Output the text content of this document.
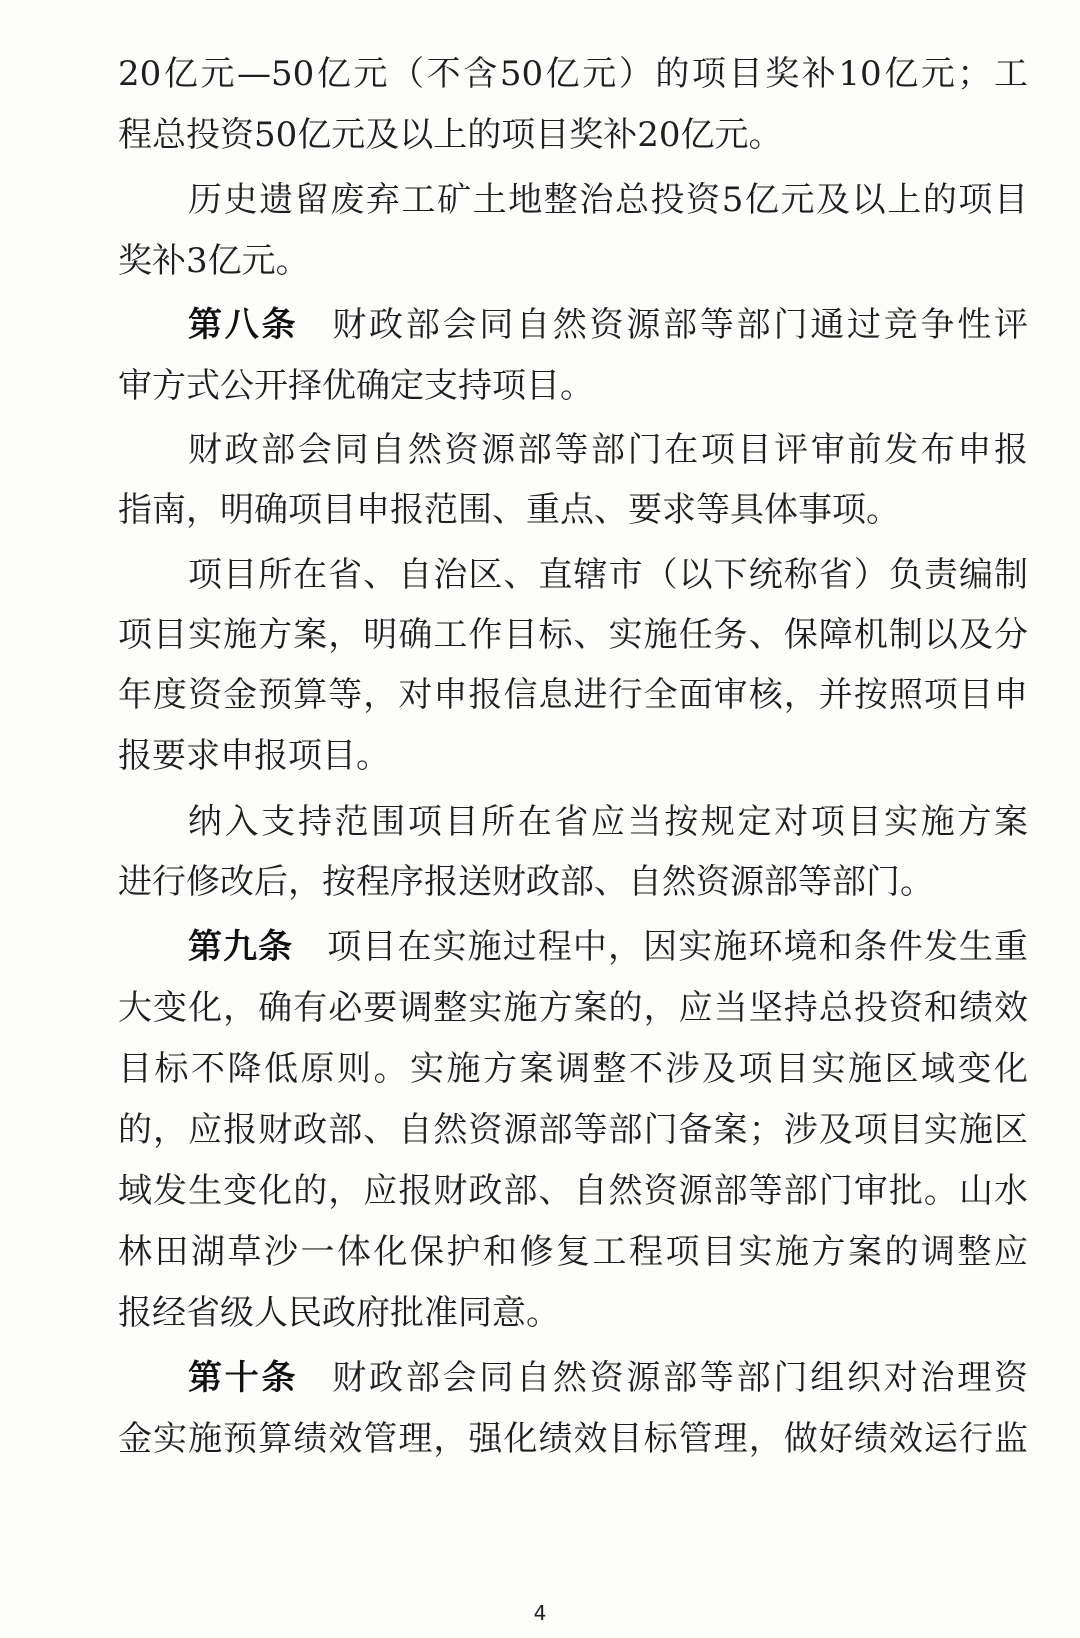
20亿元—50亿元（不含50亿元）的项目奖补10亿元；工
程总投资50亿元及以上的项目奖补20亿元。
历史遗留废弃工矿土地整治总投资5亿元及以上的项目
奖补3亿元。
第八条 财政部会同自然资源部等部门通过竞争性评
审方式公开择优确定支持项目。
财政部会同自然资源部等部门在项目评审前发布申报
指南，明确项目申报范围、重点、要求等具体事项。
项目所在省、自治区、直辖市（以下统称省）负责编制
项目实施方案，明确工作目标、实施任务、保障机制以及分
年度资金预算等，对申报信息进行全面审核，并按照项目申
报要求申报项目。
纳入支持范围项目所在省应当按规定对项目实施方案
进行修改后，按程序报送财政部、自然资源部等部门。
第九条 项目在实施过程中，因实施环境和条件发生重
大变化，确有必要调整实施方案的，应当坚持总投资和绩效
目标不降低原则。实施方案调整不涉及项目实施区域变化
的，应报财政部、自然资源部等部门备案；涉及项目实施区
域发生变化的，应报财政部、自然资源部等部门审批。山水
林田湖草沙一体化保护和修复工程项目实施方案的调整应
报经省级人民政府批准同意。
第十条 财政部会同自然资源部等部门组织对治理资
金实施预算绩效管理，强化绩效目标管理，做好绩效运行监
4
